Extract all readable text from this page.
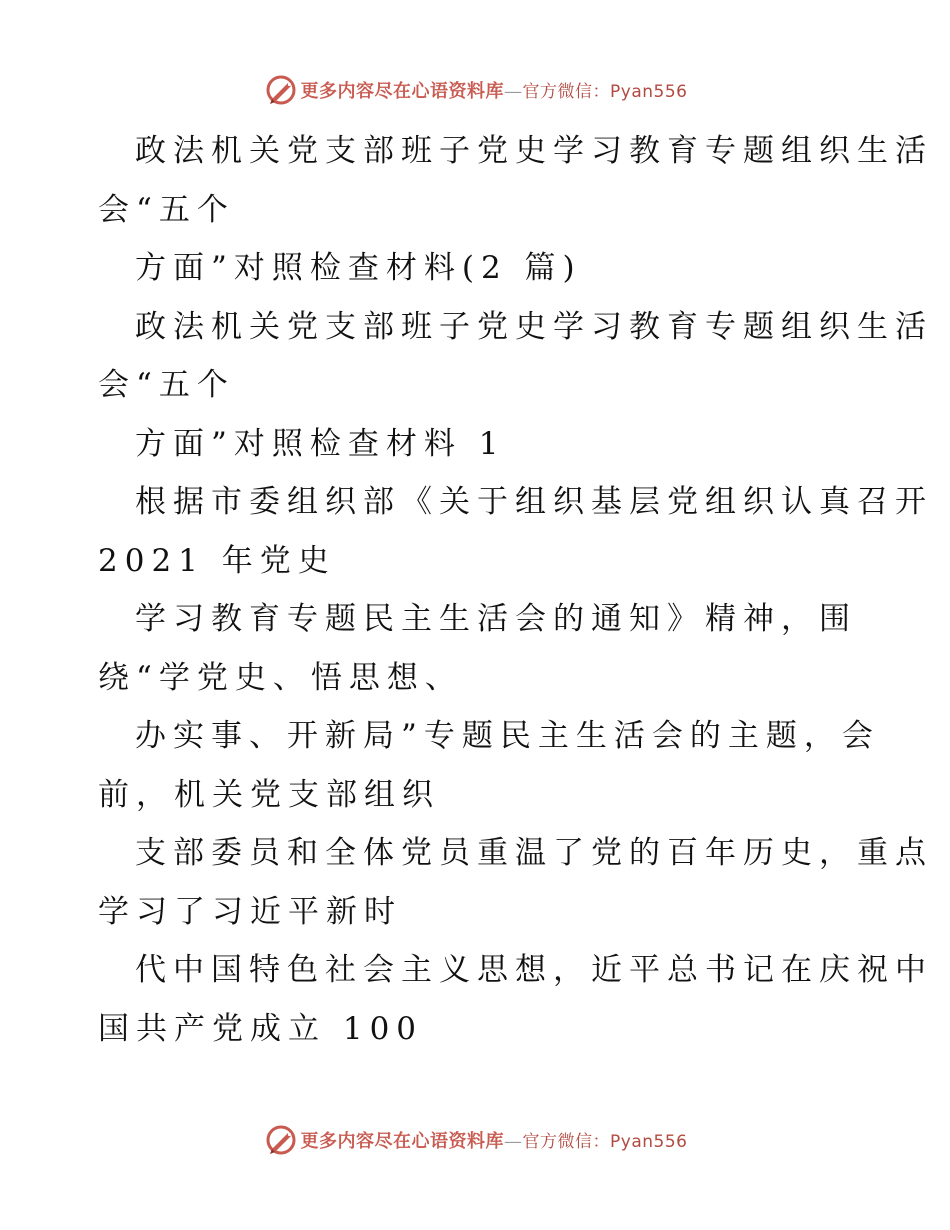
更多内容尽在心语资料库—官方微信：Pyan556
政法机关党支部班子党史学习教育专题组织生活
会“五个
方面”对照检查材料(2 篇)
政法机关党支部班子党史学习教育专题组织生活
会“五个
方面”对照检查材料 1
根据市委组织部《关于组织基层党组织认真召开
2021 年党史
学习教育专题民主生活会的通知》精神，围
绕“学党史、悟思想、
办实事、开新局”专题民主生活会的主题，会
前，机关党支部组织
支部委员和全体党员重温了党的百年历史，重点
学习了习近平新时
代中国特色社会主义思想，近平总书记在庆祝中
国共产党成立 100
更多内容尽在心语资料库—官方微信：Pyan556
